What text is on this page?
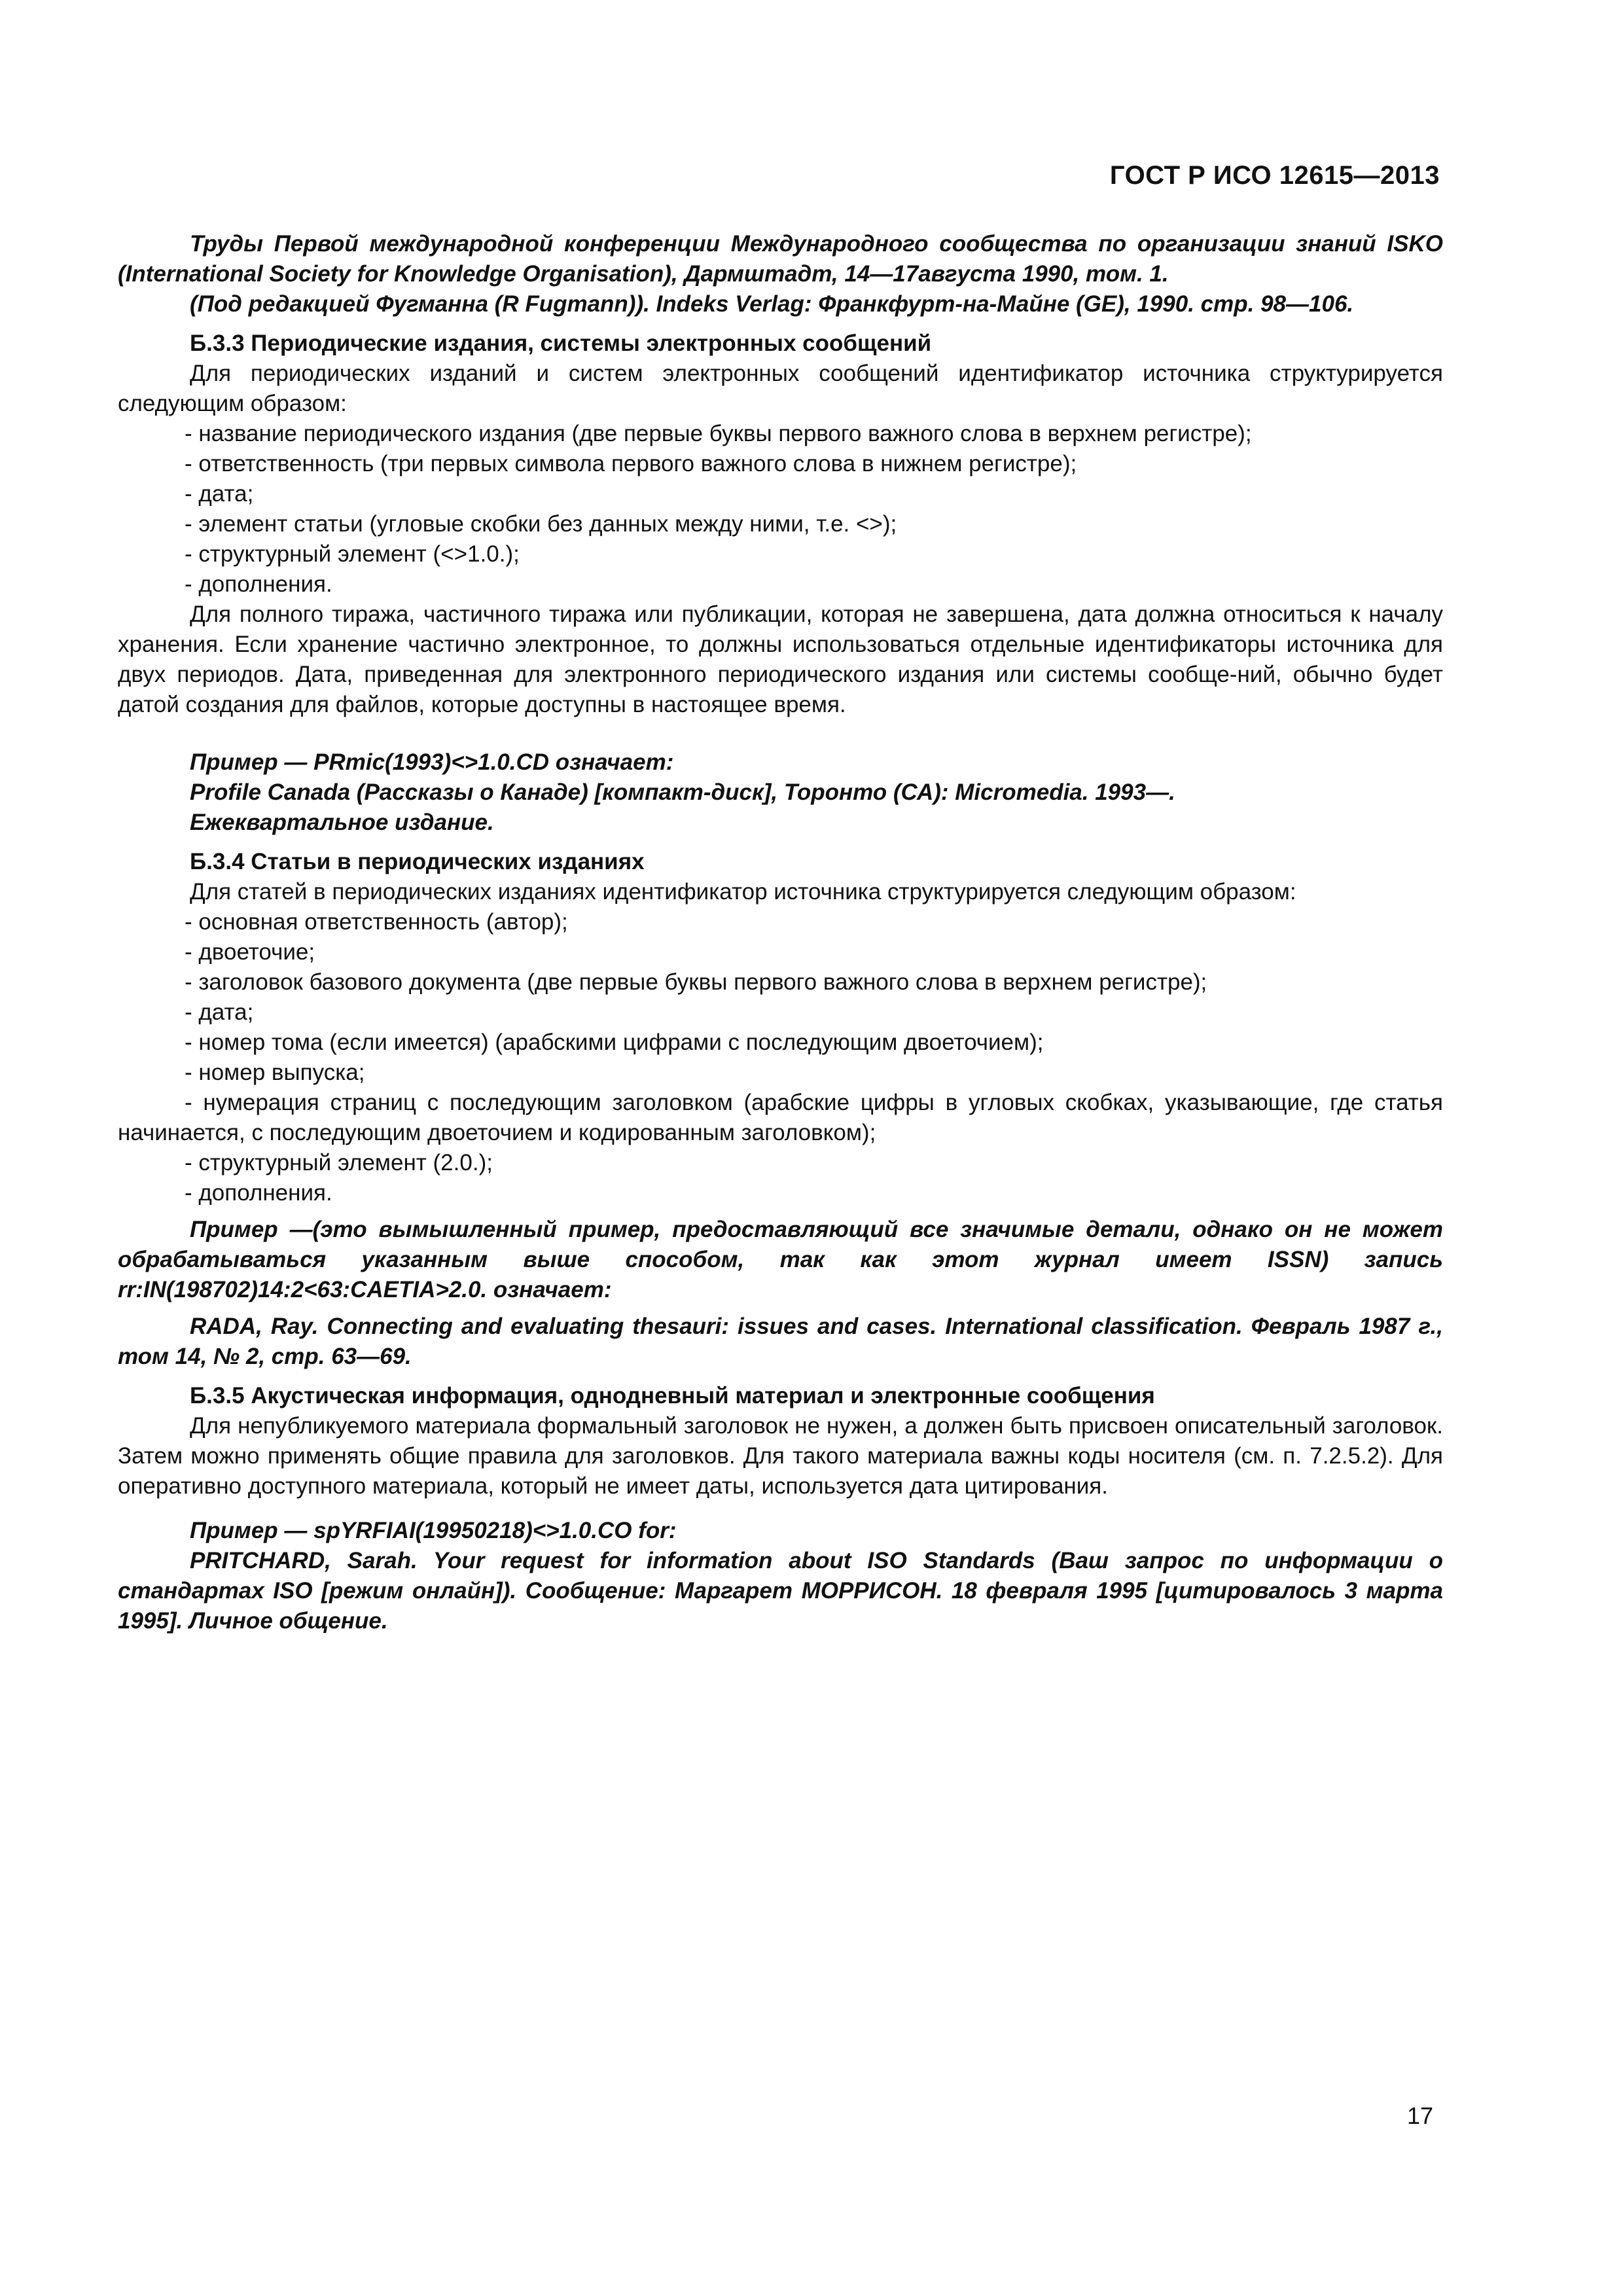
ГОСТ Р ИСО 12615—2013

Труды Первой международной конференции Международного сообщества по организации знаний ISKO (International Society for Knowledge Organisation), Дармштадт, 14—17августа 1990, том. 1.

(Под редакцией Фугманна (R Fugmann)). Indeks Verlag: Франкфурт-на-Майне (GE), 1990. стр. 98—106.

Б.3.3 Периодические издания, системы электронных сообщений

Для периодических изданий и систем электронных сообщений идентификатор источника структурируется следующим образом:

- название периодического издания (две первые буквы первого важного слова в верхнем регистре);
- ответственность (три первых символа первого важного слова в нижнем регистре);
- дата;
- элемент статьи (угловые скобки без данных между ними, т.е. <>);
- структурный элемент (<>1.0.);
- дополнения.

Для полного тиража, частичного тиража или публикации, которая не завершена, дата должна относиться к началу хранения. Если хранение частично электронное, то должны использоваться отдельные идентификаторы источника для двух периодов. Дата, приведенная для электронного периодического издания или системы сообще-ний, обычно будет датой создания для файлов, которые доступны в настоящее время.

Пример — PRmic(1993)<>1.0.CD означает:

Profile Canada (Рассказы о Канаде) [компакт-диск], Торонто (СА): Micromedia. 1993—.

Ежеквартальное издание.

Б.3.4 Статьи в периодических изданиях

Для статей в периодических изданиях идентификатор источника структурируется следующим образом:

- основная ответственность (автор);
- двоеточие;
- заголовок базового документа (две первые буквы первого важного слова в верхнем регистре);
- дата;
- номер тома (если имеется) (арабскими цифрами с последующим двоеточием);
- номер выпуска;
- нумерация страниц с последующим заголовком (арабские цифры в угловых скобках, указывающие, где статья начинается, с последующим двоеточием и кодированным заголовком);
- структурный элемент (2.0.);
- дополнения.

Пример —(это вымышленный пример, предоставляющий все значимые детали, однако он не может обрабатываться указанным выше способом, так как этот журнал имеет ISSN) запись rr:IN(198702)14:2<63:CAETIA>2.0. означает:

RADA, Ray. Connecting and evaluating thesauri: issues and cases. International classification. Февраль 1987 г., том 14, № 2, стр. 63—69.

Б.3.5 Акустическая информация, однодневный материал и электронные сообщения

Для непубликуемого материала формальный заголовок не нужен, а должен быть присвоен описательный заголовок. Затем можно применять общие правила для заголовков. Для такого материала важны коды носителя (см. п. 7.2.5.2). Для оперативно доступного материала, который не имеет даты, используется дата цитирования.

Пример — spYRFIAI(19950218)<>1.0.CO for:

PRITCHARD, Sarah. Your request for information about ISO Standards (Ваш запрос по информации о стандартах ISO [режим онлайн]). Сообщение: Маргарет МОРРИСОН. 18 февраля 1995 [цитировалось 3 марта 1995]. Личное общение.

17
